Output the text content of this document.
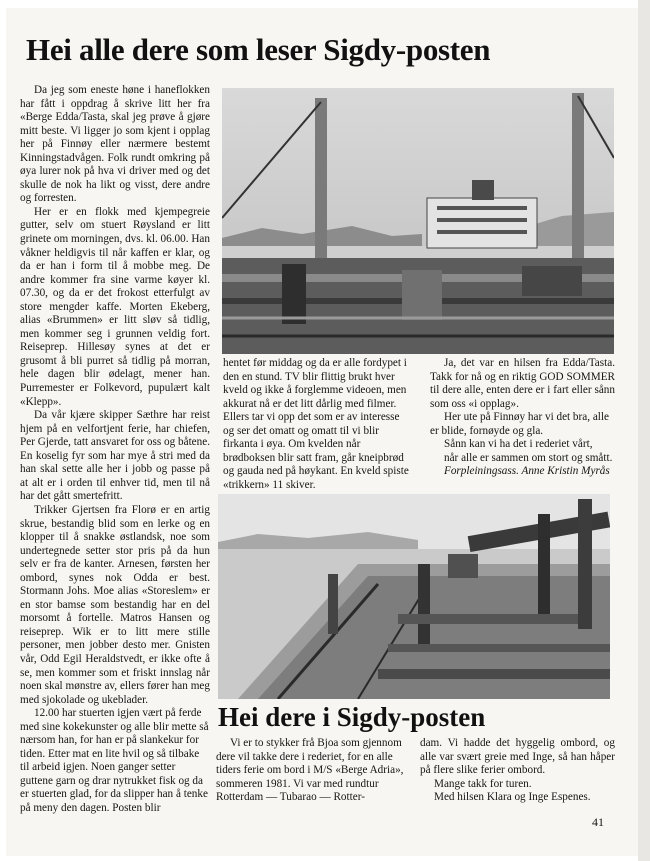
Hei alle dere som leser Sigdy-posten

Da jeg som eneste høne i haneflokken har fått i oppdrag å skrive litt her fra «Berge Edda/Tasta, skal jeg prøve å gjøre mitt beste. Vi ligger jo som kjent i opplag her på Finnøy eller nærmere bestemt Kinningstadvågen. Folk rundt omkring på øya lurer nok på hva vi driver med og det skulle de nok ha likt og visst, dere andre og forresten.

Her er en flokk med kjempegreie gutter, selv om stuert Røysland er litt grinete om morningen, dvs. kl. 06.00. Han våkner heldigvis til når kaffen er klar, og da er han i form til å mobbe meg. De andre kommer fra sine varme køyer kl. 07.30, og da er det frokost etterfulgt av store mengder kaffe. Morten Ekeberg, alias «Brummen» er litt sløv så tidlig, men kommer seg i grunnen veldig fort. Reiseprep. Hillesøy synes at det er grusomt å bli purret så tidlig på morran, hele dagen blir ødelagt, mener han. Purremester er Folkevord, pupulært kalt «Klepp».

Da vår kjære skipper Sæthre har reist hjem på en velfortjent ferie, har chiefen, Per Gjerde, tatt ansvaret for oss og båtene. En koselig fyr som har mye å stri med da han skal sette alle her i jobb og passe på at alt er i orden til enhver tid, men til nå har det gått smertefritt.

Trikker Gjertsen fra Florø er en artig skrue, bestandig blid som en lerke og en klopper til å snakke østlandsk, noe som undertegnede setter stor pris på da hun selv er fra de kanter. Arnesen, førsten her ombord, synes nok Odda er best. Stormann Johs. Moe alias «Storeslem» er en stor bamse som bestandig har en del morsomt å fortelle. Matros Hansen og reiseprep. Wik er to litt mere stille personer, men jobber desto mer. Gnisten vår, Odd Egil Heraldstvedt, er ikke ofte å se, men kommer som et friskt innslag når noen skal mønstre av, ellers fører han meg med sjokolade og ukeblader.

12.00 har stuerten igjen vært på ferde med sine kokekunster og alle blir mette så nærsom han, for han er på slankekur for tiden. Etter mat en lite hvil og så tilbake til arbeid igjen. Noen ganger setter guttene garn og drar nytrukket fisk og da er stuerten glad, for da slipper han å tenke på meny den dagen. Posten blir

hentet før middag og da er alle fordypet i den en stund. TV blir flittig brukt hver kveld og ikke å forglemme videoen, men akkurat nå er det litt dårlig med filmer. Ellers tar vi opp det som er av interesse og ser det omatt og omatt til vi blir firkanta i øya. Om kvelden når brødboksen blir satt fram, går kneipbrød og gauda ned på høykant. En kveld spiste «trikkern» 11 skiver.

Ja, det var en hilsen fra Edda/Tasta. Takk for nå og en riktig GOD SOMMER til dere alle, enten dere er i fart eller sånn som oss «i opplag».

Her ute på Finnøy har vi det bra, alle er blide, fornøyde og gla.

Sånn kan vi ha det i rederiet vårt,

når alle er sammen om stort og smått.

Forpleiningsass. Anne Kristin Myrås

Hei dere i Sigdy-posten

Vi er to stykker frå Bjoa som gjennom dere vil takke dere i rederiet, for en alle tiders ferie om bord i M/S «Berge Adria», sommeren 1981. Vi var med rundtur Rotterdam — Tubarao — Rotter-

dam. Vi hadde det hyggelig ombord, og alle var svært greie med Inge, så han håper på flere slike ferier ombord.

Mange takk for turen.

Med hilsen Klara og Inge Espenes.

41
